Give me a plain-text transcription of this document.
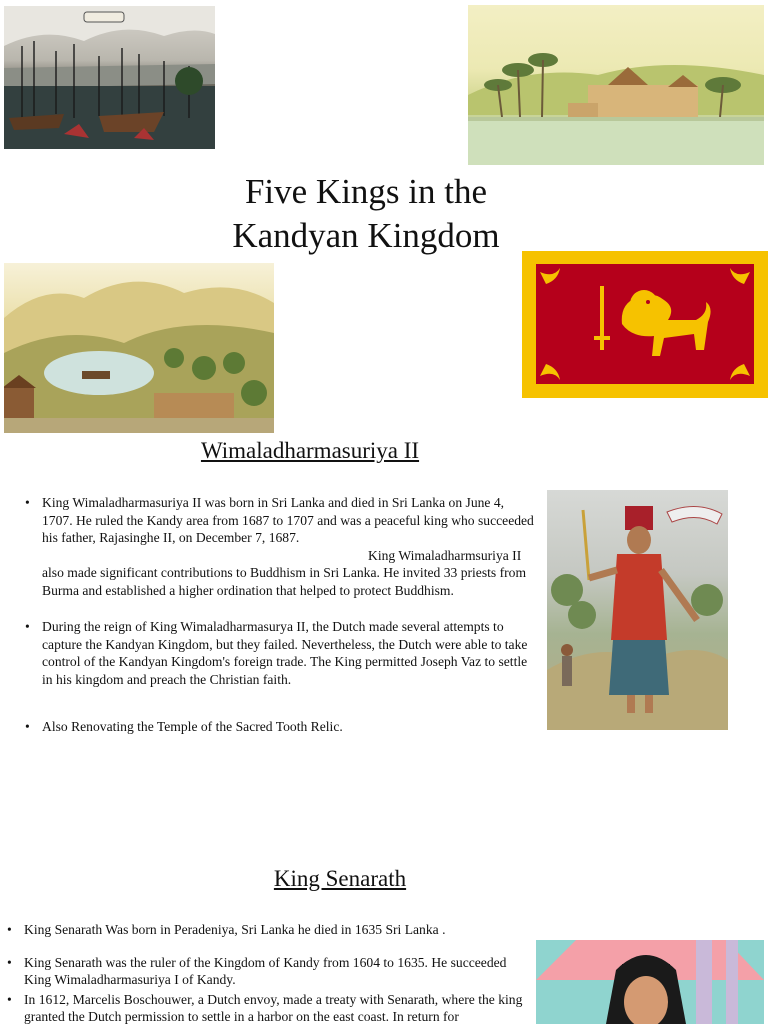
Five Kings in the
Kandyan Kingdom
Wimaladharmasuriya II
• King Wimaladharmasuriya II was born in Sri Lanka and died in Sri Lanka on June 4, 1707. He ruled the Kandy area from 1687 to 1707 and was a peaceful king who succeeded his father, Rajasinghe II, on December 7, 1687.
King Wimaladharmsuriya II
also made significant contributions to Buddhism in Sri Lanka. He invited 33 priests from Burma and established a higher ordination that helped to protect Buddhism.
• During the reign of King Wimaladharmasurya II, the Dutch made several attempts to capture the Kandyan Kingdom, but they failed. Nevertheless, the Dutch were able to take control of the Kandyan Kingdom's foreign trade. The King permitted Joseph Vaz to settle in his kingdom and preach the Christian faith.
• Also Renovating the Temple of the Sacred Tooth Relic.
King Senarath
• King Senarath Was born in Peradeniya, Sri Lanka he died in 1635 Sri Lanka .
• King Senarath was the ruler of the Kingdom of Kandy from 1604 to 1635. He succeeded King Wimaladharmasuriya I of Kandy.
• In 1612, Marcelis Boschouwer, a Dutch envoy, made a treaty with Senarath, where the king granted the Dutch permission to settle in a harbor on the east coast. In return for
